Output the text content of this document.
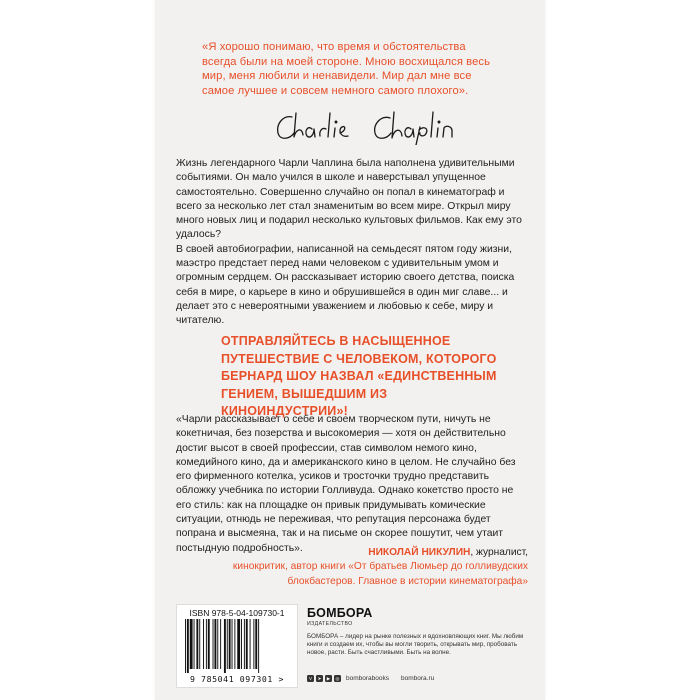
«Я хорошо понимаю, что время и обстоятельства всегда были на моей стороне. Мною восхищался весь мир, меня любили и ненавидели. Мир дал мне все самое лучшее и совсем немного самого плохого».

Жизнь легендарного Чарли Чаплина была наполнена удивительными событиями. Он мало учился в школе и наверстывал упущенное самостоятельно. Совершенно случайно он попал в кинематограф и всего за несколько лет стал знаменитым во всем мире. Открыл миру много новых лиц и подарил несколько культовых фильмов. Как ему это удалось?

В своей автобиографии, написанной на семьдесят пятом году жизни, маэстро предстает перед нами человеком с удивительным умом и огромным сердцем. Он рассказывает историю своего детства, поиска себя в мире, о карьере в кино и обрушившейся в один миг славе... и делает это с невероятными уважением и любовью к себе, миру и читателю.

ОТПРАВЛЯЙТЕСЬ В НАСЫЩЕННОЕ ПУТЕШЕСТВИЕ С ЧЕЛОВЕКОМ, КОТОРОГО БЕРНАРД ШОУ НАЗВАЛ «ЕДИНСТВЕННЫМ ГЕНИЕМ, ВЫШЕДШИМ ИЗ КИНОИНДУСТРИИ»!
«Чарли рассказывает о себе и своем творческом пути, ничуть не кокетничая, без позерства и высокомерия — хотя он действительно достиг высот в своей профессии, став символом немого кино, комедийного кино, да и американского кино в целом. Не случайно без его фирменного котелка, усиков и тросточки трудно представить обложку учебника по истории Голливуда. Однако кокетство просто не его стиль: как на площадке он привык придумывать комические ситуации, отнюдь не переживая, что репутация персонажа будет попрана и высмеяна, так и на письме он скорее пошутит, чем утаит постыдную подробность».	НИКОЛАЙ НИКУЛИН, журналист,
кинокритик, автор книги «От братьев Люмьер до голливудских блокбастеров. Главное в истории кинематографа»
ISBN 978-5-04-109730-1
9 785041 097301 >
БОМБОРА
ИЗДАТЕЛЬСТВО
БОМБОРА – лидер на рынке полезных и вдохновляющих книг. Мы любим книги и создаем их, чтобы вы могли творить, открывать мир, пробовать новое, расти. Быть счастливыми. Быть на волне.
V	➤	▶	◎ bomborabooks bombora.ru
